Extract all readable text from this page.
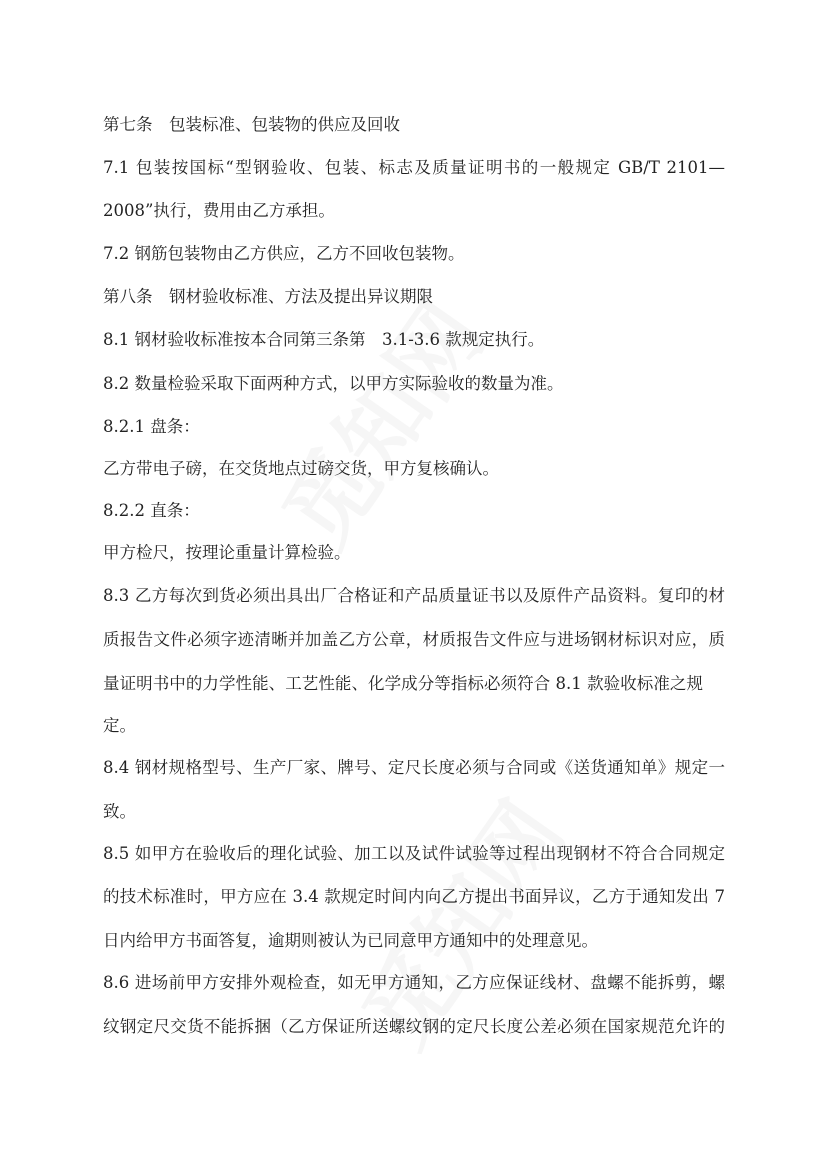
第七条　包装标准、包装物的供应及回收
7.1 包装按国标“型钢验收、包装、标志及质量证明书的一般规定 GB/T 2101—
2008”执行，费用由乙方承担。
7.2 钢筋包装物由乙方供应，乙方不回收包装物。
第八条　钢材验收标准、方法及提出异议期限
8.1 钢材验收标准按本合同第三条第　3.1-3.6 款规定执行。
8.2 数量检验采取下面两种方式，以甲方实际验收的数量为准。
8.2.1 盘条：
乙方带电子磅，在交货地点过磅交货，甲方复核确认。
8.2.2 直条：
甲方检尺，按理论重量计算检验。
8.3 乙方每次到货必须出具出厂合格证和产品质量证书以及原件产品资料。复印的材
质报告文件必须字迹清晰并加盖乙方公章，材质报告文件应与进场钢材标识对应，质
量证明书中的力学性能、工艺性能、化学成分等指标必须符合 8.1 款验收标准之规
定。
8.4 钢材规格型号、生产厂家、牌号、定尺长度必须与合同或《送货通知单》规定一
致。
8.5 如甲方在验收后的理化试验、加工以及试件试验等过程出现钢材不符合合同规定
的技术标准时，甲方应在 3.4 款规定时间内向乙方提出书面异议，乙方于通知发出 7
日内给甲方书面答复，逾期则被认为已同意甲方通知中的处理意见。
8.6 进场前甲方安排外观检查，如无甲方通知，乙方应保证线材、盘螺不能拆剪，螺
纹钢定尺交货不能拆捆（乙方保证所送螺纹钢的定尺长度公差必须在国家规范允许的
